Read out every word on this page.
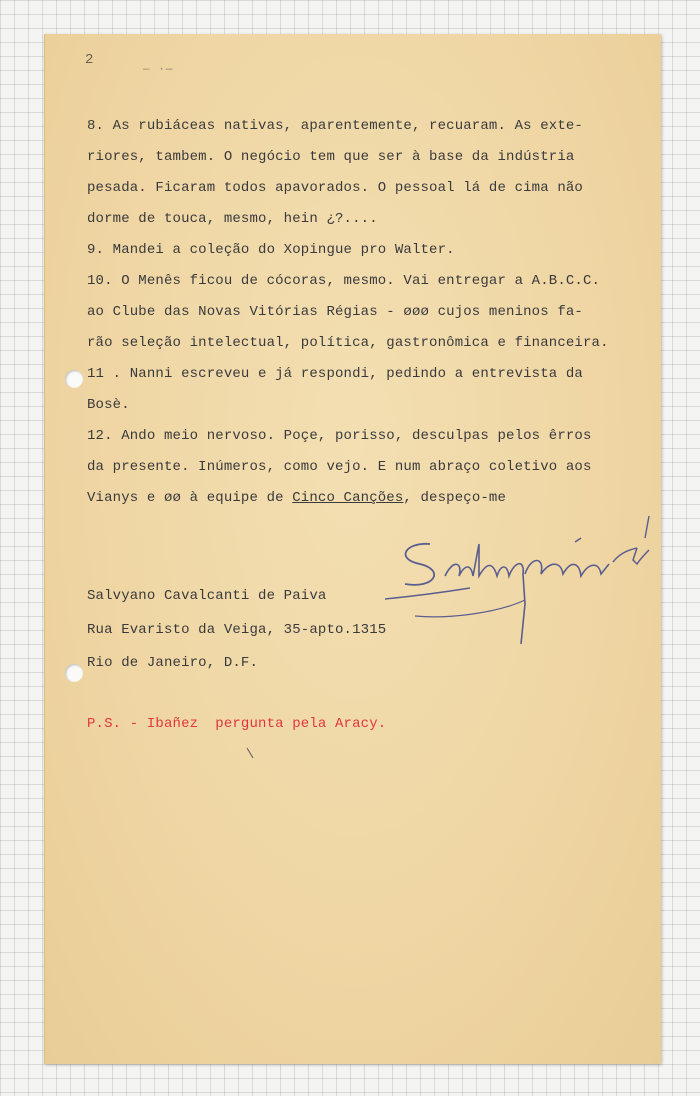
2
— ·—
8. As rubiáceas nativas, aparentemente, recuaram. As exte-
riores, tambem. O negócio tem que ser à base da indústria
pesada. Ficaram todos apavorados. O pessoal lá de cima não
dorme de touca, mesmo, hein ¿?....
9. Mandei a coleção do Xopingue pro Walter.
10. O Menês ficou de cócoras, mesmo. Vai entregar a A.B.C.C.
ao Clube das Novas Vitórias Régias - øøø cujos meninos fa-
rão seleção intelectual, política, gastronômica e financeira.
11 . Nanni escreveu e já respondi, pedindo a entrevista da
Bosè.
12. Ando meio nervoso. Poçe, porisso, desculpas pelos êrros
da presente. Inúmeros, como vejo. E num abraço coletivo aos
Vianys e øø à equipe de Cinco Canções, despeço-me
Salvyano Cavalcanti de Paiva
Rua Evaristo da Veiga, 35-apto.1315
Rio de Janeiro, D.F.
P.S. - Ibañez  pergunta pela Aracy.
